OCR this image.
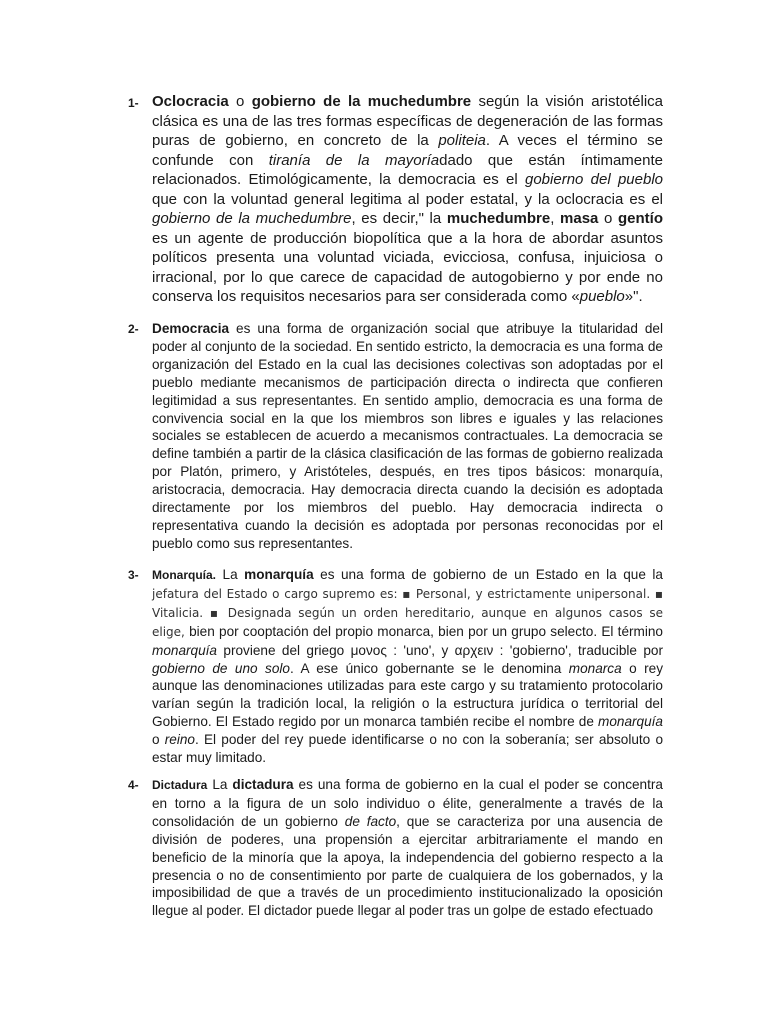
1- Oclocracia o gobierno de la muchedumbre según la visión aristotélica clásica es una de las tres formas específicas de degeneración de las formas puras de gobierno, en concreto de la politeia. A veces el término se confunde con tiranía de la mayoríadado que están íntimamente relacionados. Etimológicamente, la democracia es el gobierno del pueblo que con la voluntad general legitima al poder estatal, y la oclocracia es el gobierno de la muchedumbre, es decir," la muchedumbre, masa o gentío es un agente de producción biopolítica que a la hora de abordar asuntos políticos presenta una voluntad viciada, evicciosa, confusa, injuiciosa o irracional, por lo que carece de capacidad de autogobierno y por ende no conserva los requisitos necesarios para ser considerada como «pueblo»".
2- Democracia es una forma de organización social que atribuye la titularidad del poder al conjunto de la sociedad. En sentido estricto, la democracia es una forma de organización del Estado en la cual las decisiones colectivas son adoptadas por el pueblo mediante mecanismos de participación directa o indirecta que confieren legitimidad a sus representantes. En sentido amplio, democracia es una forma de convivencia social en la que los miembros son libres e iguales y las relaciones sociales se establecen de acuerdo a mecanismos contractuales. La democracia se define también a partir de la clásica clasificación de las formas de gobierno realizada por Platón, primero, y Aristóteles, después, en tres tipos básicos: monarquía, aristocracia, democracia. Hay democracia directa cuando la decisión es adoptada directamente por los miembros del pueblo. Hay democracia indirecta o representativa cuando la decisión es adoptada por personas reconocidas por el pueblo como sus representantes.
3- Monarquía. La monarquía es una forma de gobierno de un Estado en la que la jefatura del Estado o cargo supremo es: ▪ Personal, y estrictamente unipersonal. ▪ Vitalicia. ▪ Designada según un orden hereditario, aunque en algunos casos se elige, bien por cooptación del propio monarca, bien por un grupo selecto. El término monarquía proviene del griego μονος : 'uno', y αρχειν : 'gobierno', traducible por gobierno de uno solo. A ese único gobernante se le denomina monarca o rey aunque las denominaciones utilizadas para este cargo y su tratamiento protocolario varían según la tradición local, la religión o la estructura jurídica o territorial del Gobierno. El Estado regido por un monarca también recibe el nombre de monarquía o reino. El poder del rey puede identificarse o no con la soberanía; ser absoluto o estar muy limitado.
4- Dictadura La dictadura es una forma de gobierno en la cual el poder se concentra en torno a la figura de un solo individuo o élite, generalmente a través de la consolidación de un gobierno de facto, que se caracteriza por una ausencia de división de poderes, una propensión a ejercitar arbitrariamente el mando en beneficio de la minoría que la apoya, la independencia del gobierno respecto a la presencia o no de consentimiento por parte de cualquiera de los gobernados, y la imposibilidad de que a través de un procedimiento institucionalizado la oposición llegue al poder. El dictador puede llegar al poder tras un golpe de estado efectuado
